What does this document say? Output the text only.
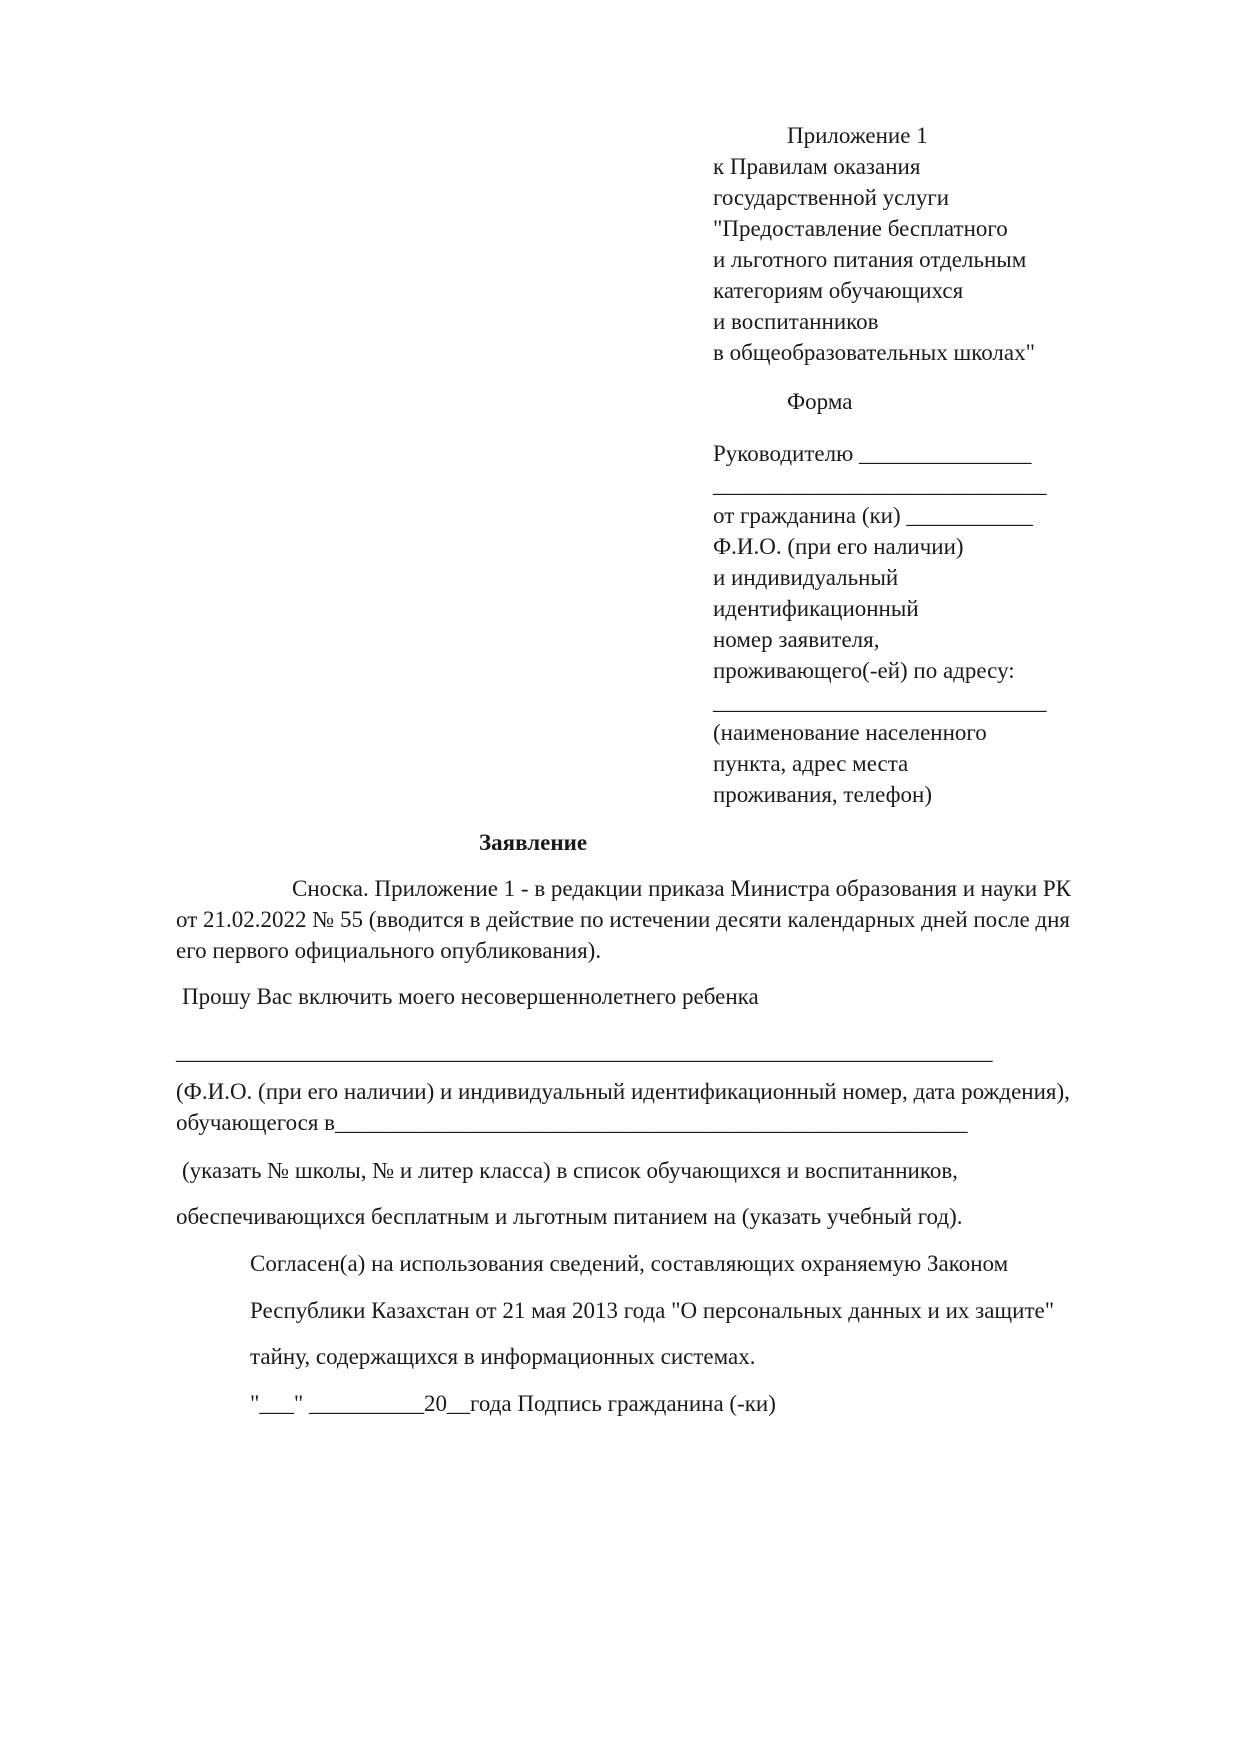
Приложение 1
к Правилам оказания
государственной услуги
"Предоставление бесплатного
и льготного питания отдельным
категориям обучающихся
и воспитанников
в общеобразовательных школах"
Форма
Руководителю _______________
_____________________________
от гражданина (ки) ___________
Ф.И.О. (при его наличии)
и индивидуальный
идентификационный
номер заявителя,
проживающего(-ей) по адресу:
_____________________________
(наименование населенного
пункта, адрес места
проживания, телефон)
Заявление
Сноска. Приложение 1 - в редакции приказа Министра образования и науки РК
от 21.02.2022 № 55 (вводится в действие по истечении десяти календарных дней после дня
его первого официального опубликования).
Прошу Вас включить моего несовершеннолетнего ребенка
_______________________________________________________________________
(Ф.И.О. (при его наличии) и индивидуальный идентификационный номер, дата рождения),
обучающегося в_______________________________________________________
(указать № школы, № и литер класса) в список обучающихся и воспитанников,
обеспечивающихся бесплатным и льготным питанием на (указать учебный год).
Согласен(а) на использования сведений, составляющих охраняемую Законом
Республики Казахстан от 21 мая 2013 года "О персональных данных и их защите"
тайну, содержащихся в информационных системах.
"___" __________20__года Подпись гражданина (-ки)
